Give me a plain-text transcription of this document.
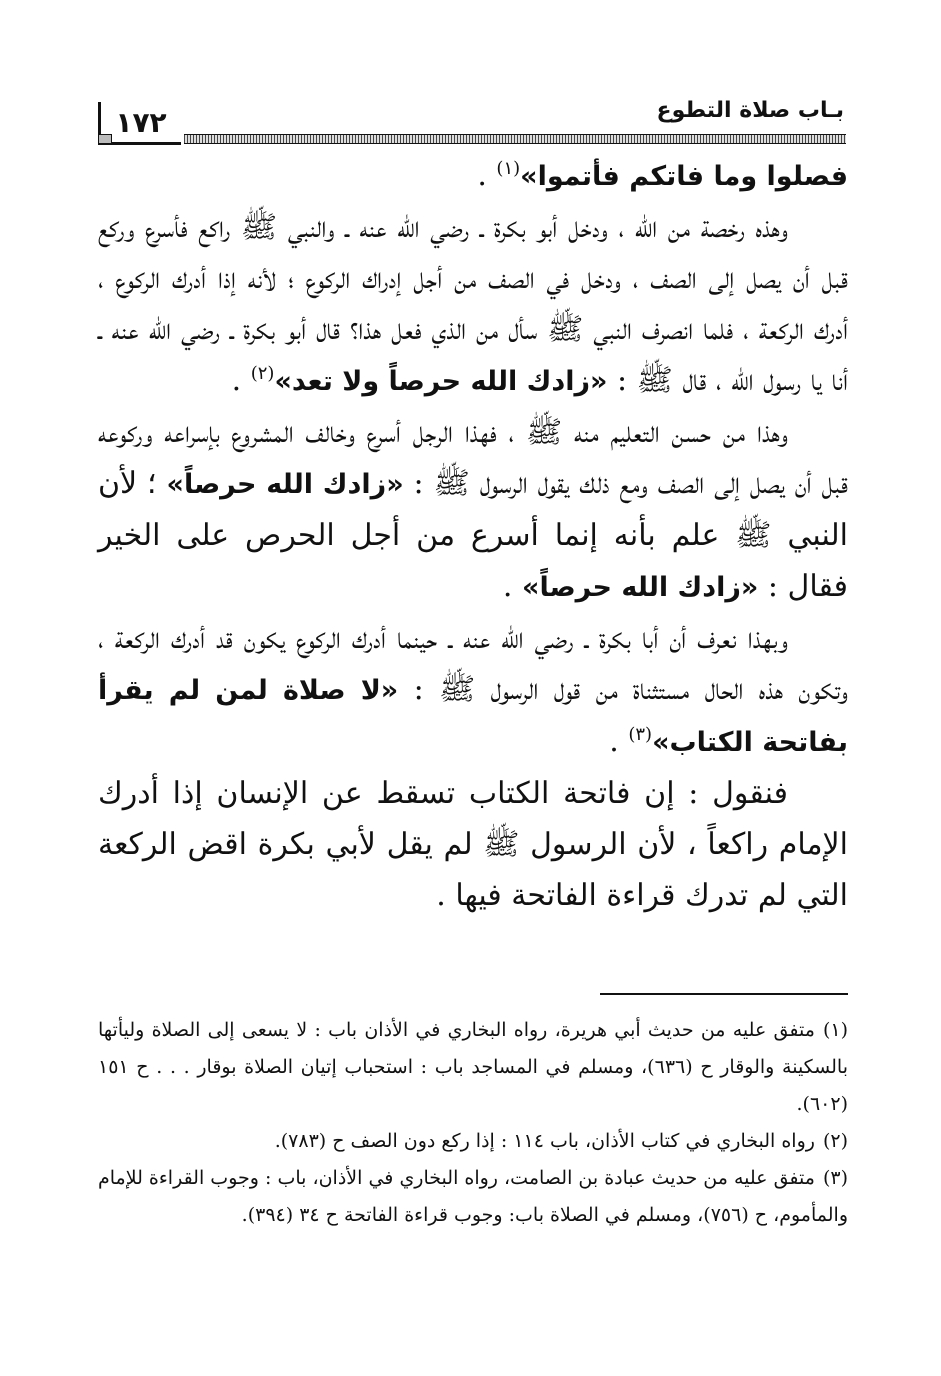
١٧٢	بـاب صلاة التطوع

فصلوا وما فاتكم فأتموا»$^{(١)}$ .

وهذه رخصة من الله ، ودخل أبو بكرة ـ رضي الله عنه ـ والنبي ﷺ راكع فأسرع وركع قبل أن يصل إلى الصف ، ودخل في الصف من أجل إدراك الركوع ؛ لأنه إذا أدرك الركوع ، أدرك الركعة ، فلما انصرف النبي ﷺ سأل من الذي فعل هذا؟ قال أبو بكرة ـ رضي الله عنه ـ أنا يا رسول الله ، قال ﷺ : «زادك الله حرصاً ولا تعد»$^{(٢)}$ .

وهذا من حسن التعليم منه ﷺ ، فهذا الرجل أسرع وخالف المشروع بإسراعه وركوعه قبل أن يصل إلى الصف ومع ذلك يقول الرسول ﷺ : «زادك الله حرصاً» ؛ لأن النبي ﷺ علم بأنه إنما أسرع من أجل الحرص على الخير فقال : «زادك الله حرصاً» .

وبهذا نعرف أن أبا بكرة ـ رضي الله عنه ـ حينما أدرك الركوع يكون قد أدرك الركعة ، وتكون هذه الحال مستثناة من قول الرسول ﷺ : «لا صلاة لمن لم يقرأ بفاتحة الكتاب»$^{(٣)}$ .

فنقول : إن فاتحة الكتاب تسقط عن الإنسان إذا أدرك الإمام راكعاً ، لأن الرسول ﷺ لم يقل لأبي بكرة اقض الركعة التي لم تدرك قراءة الفاتحة فيها .

(١)متفق عليه من حديث أبي هريرة، رواه البخاري في الأذان باب : لا يسعى إلى الصلاة وليأتها بالسكينة والوقار ح (٦٣٦)، ومسلم في المساجد باب : استحباب إتيان الصلاة بوقار . . . ح ١٥١ (٦٠٢).

(٢)رواه البخاري في كتاب الأذان، باب ١١٤ : إذا ركع دون الصف ح (٧٨٣).

(٣)متفق عليه من حديث عبادة بن الصامت، رواه البخاري في الأذان، باب : وجوب القراءة للإمام والمأموم، ح (٧٥٦)، ومسلم في الصلاة باب: وجوب قراءة الفاتحة ح ٣٤ (٣٩٤).
